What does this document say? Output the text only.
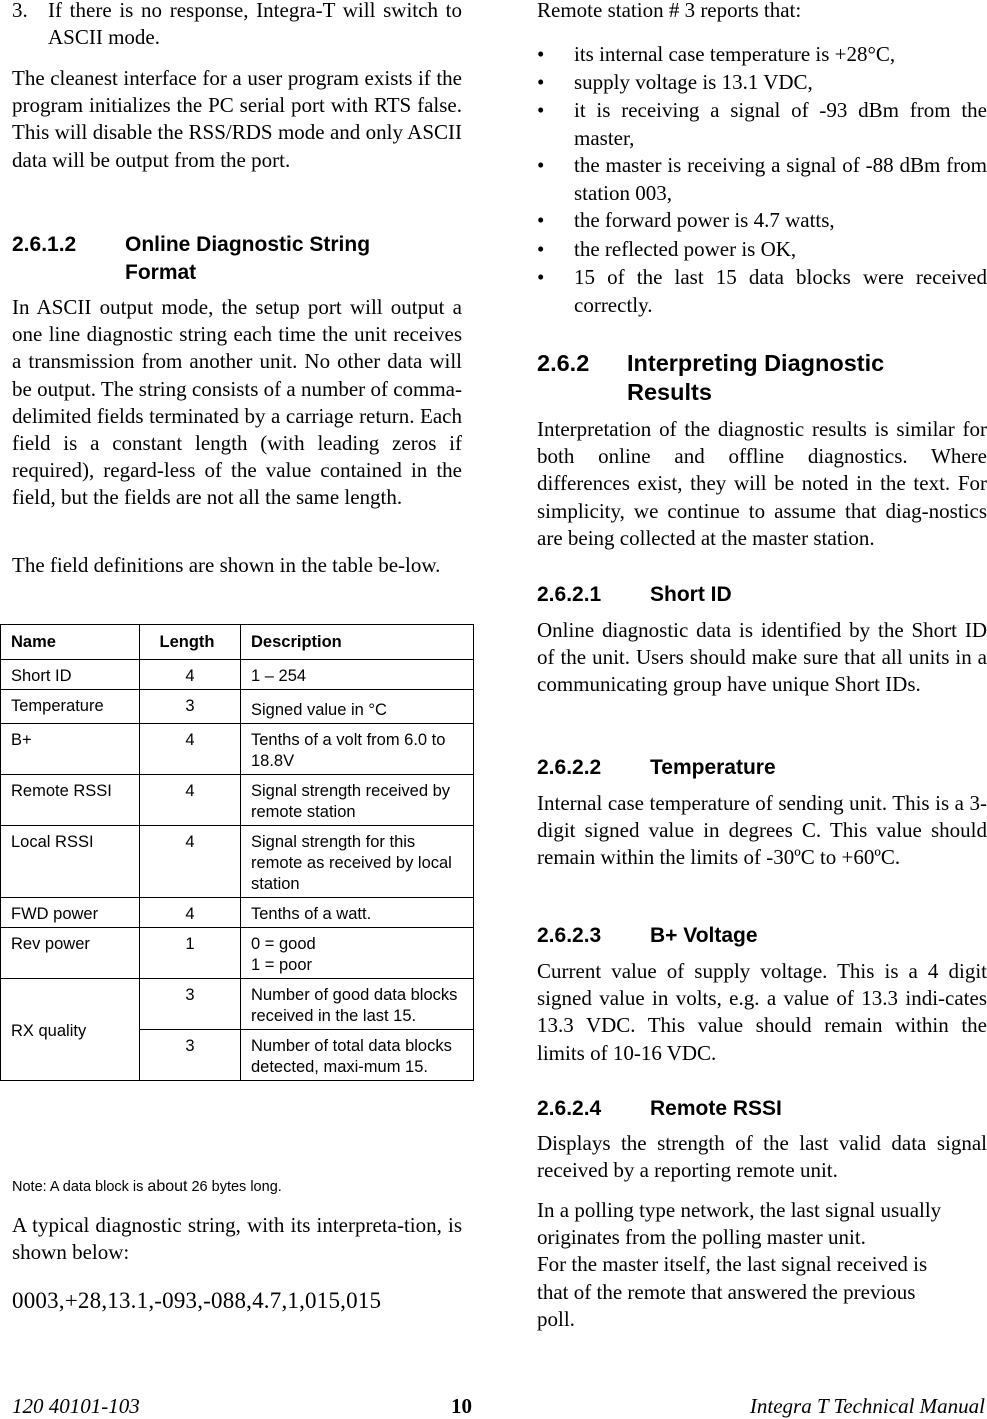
3. If there is no response, Integra-T will switch to ASCII mode.

The cleanest interface for a user program exists if the program initializes the PC serial port with RTS false. This will disable the RSS/RDS mode and only ASCII data will be output from the port.

2.6.1.2 Online Diagnostic String Format

In ASCII output mode, the setup port will output a one line diagnostic string each time the unit receives a transmission from another unit. No other data will be output. The string consists of a number of comma-delimited fields terminated by a carriage return. Each field is a constant length (with leading zeros if required), regard-less of the value contained in the field, but the fields are not all the same length.

The field definitions are shown in the table be-low.

Name	Length	Description
Short ID	4	1 – 254
Temperature	3	Signed value in °C
B+	4	Tenths of a volt from 6.0 to 18.8V
Remote RSSI	4	Signal strength received by remote station
Local RSSI	4	Signal strength for this remote as received by local station
FWD power	4	Tenths of a watt.
Rev power	1	0 = good
1 = poor

RX quality	3	Number of good data blocks received in the last 15.
	3	Number of total data blocks detected, maxi-mum 15.
Note: A data block is about 26 bytes long.

A typical diagnostic string, with its interpreta-tion, is shown below:

0003,+28,13.1,-093,-088,4.7,1,015,015

Remote station # 3 reports that:

• its internal case temperature is +28°C,
• supply voltage is 13.1 VDC,
• it is receiving a signal of -93 dBm from the master,
• the master is receiving a signal of -88 dBm from station 003,
• the forward power is 4.7 watts,
• the reflected power is OK,
• 15 of the last 15 data blocks were received correctly.
2.6.2 Interpreting Diagnostic Results

Interpretation of the diagnostic results is similar for both online and offline diagnostics. Where differences exist, they will be noted in the text. For simplicity, we continue to assume that diag-nostics are being collected at the master station.

2.6.2.1 Short ID

Online diagnostic data is identified by the Short ID of the unit. Users should make sure that all units in a communicating group have unique Short IDs.

2.6.2.2 Temperature

Internal case temperature of sending unit. This is a 3-digit signed value in degrees C. This value should remain within the limits of -30ºC to +60ºC.

2.6.2.3 B+ Voltage

Current value of supply voltage. This is a 4 digit signed value in volts, e.g. a value of 13.3 indi-cates 13.3 VDC. This value should remain within the limits of 10-16 VDC.

2.6.2.4 Remote RSSI

Displays the strength of the last valid data signal received by a reporting remote unit.

In a polling type network, the last signal usually
originates from the polling master unit.
For the master itself, the last signal received is
that of the remote that answered the previous
poll.
120 40101-103	10	Integra T Technical Manual
